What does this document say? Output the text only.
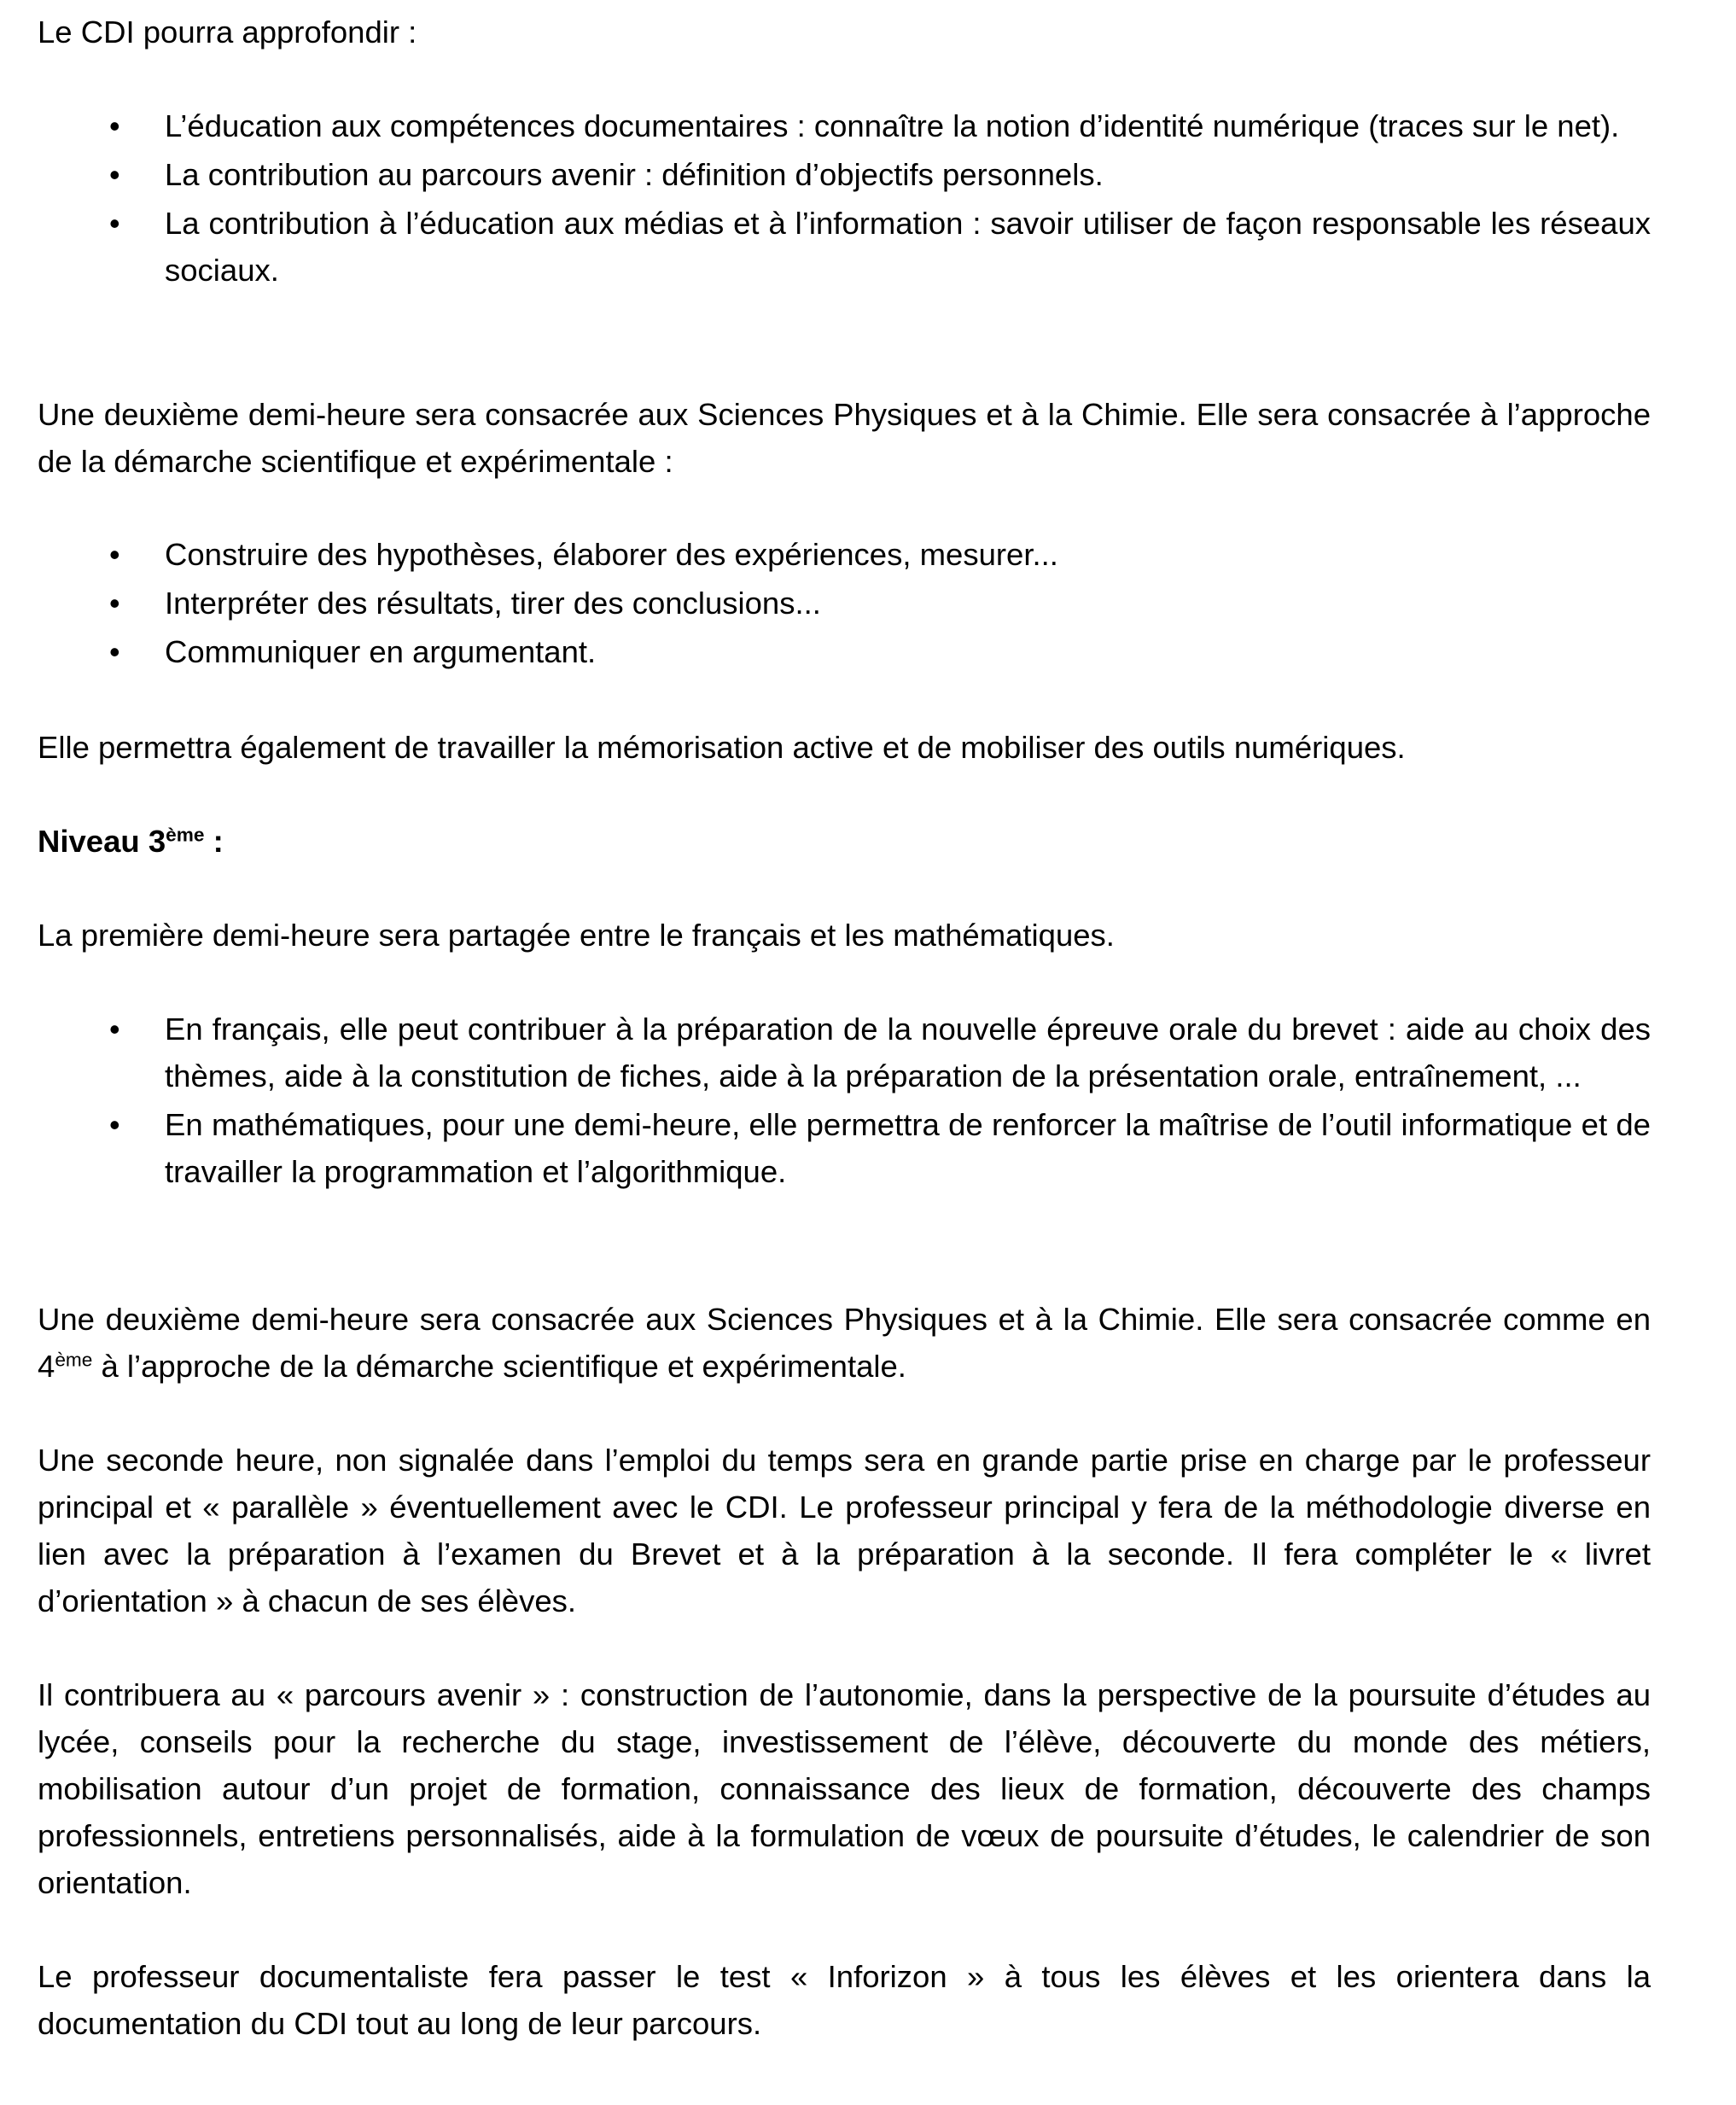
Le CDI pourra approfondir :

•	L’éducation aux compétences documentaires : connaître la notion d’identité numérique (traces sur le net).
•	La contribution au parcours avenir : définition d’objectifs personnels.
•	La contribution à l’éducation aux médias et à l’information : savoir utiliser de façon responsable les réseaux sociaux.

Une deuxième demi-heure sera consacrée aux Sciences Physiques et à la Chimie. Elle sera consacrée à l’approche de la démarche scientifique et expérimentale :

•	Construire des hypothèses, élaborer des expériences, mesurer...
•	Interpréter des résultats, tirer des conclusions...
•	Communiquer en argumentant.

Elle permettra également de travailler la mémorisation active et de mobiliser des outils numériques.

Niveau 3ème :

La première demi-heure sera partagée entre le français et les mathématiques.

•	En français, elle peut contribuer à la préparation de la nouvelle épreuve orale du brevet : aide au choix des thèmes, aide à la constitution de fiches, aide à la préparation de la présentation orale, entraînement, ...
•	En mathématiques, pour une demi-heure, elle permettra de renforcer la maîtrise de l’outil informatique et de travailler la programmation et l’algorithmique.

Une deuxième demi-heure sera consacrée aux Sciences Physiques et à la Chimie. Elle sera consacrée comme en 4ème à l’approche de la démarche scientifique et expérimentale.

Une seconde heure, non signalée dans l’emploi du temps sera en grande partie prise en charge par le professeur principal et « parallèle » éventuellement avec le CDI. Le professeur principal y fera de la méthodologie diverse en lien avec la préparation à l’examen du Brevet et à la préparation à la seconde. Il fera compléter le « livret d’orientation » à chacun de ses élèves.

Il contribuera au « parcours avenir » : construction de l’autonomie, dans la perspective de la poursuite d’études au lycée, conseils pour la recherche du stage, investissement de l’élève, découverte du monde des métiers, mobilisation autour d’un projet de formation, connaissance des lieux de formation, découverte des champs professionnels, entretiens personnalisés, aide à la formulation de vœux de poursuite d’études, le calendrier de son orientation.

Le professeur documentaliste fera passer le test « Inforizon » à tous les élèves et les orientera dans la documentation du CDI tout au long de leur parcours.
